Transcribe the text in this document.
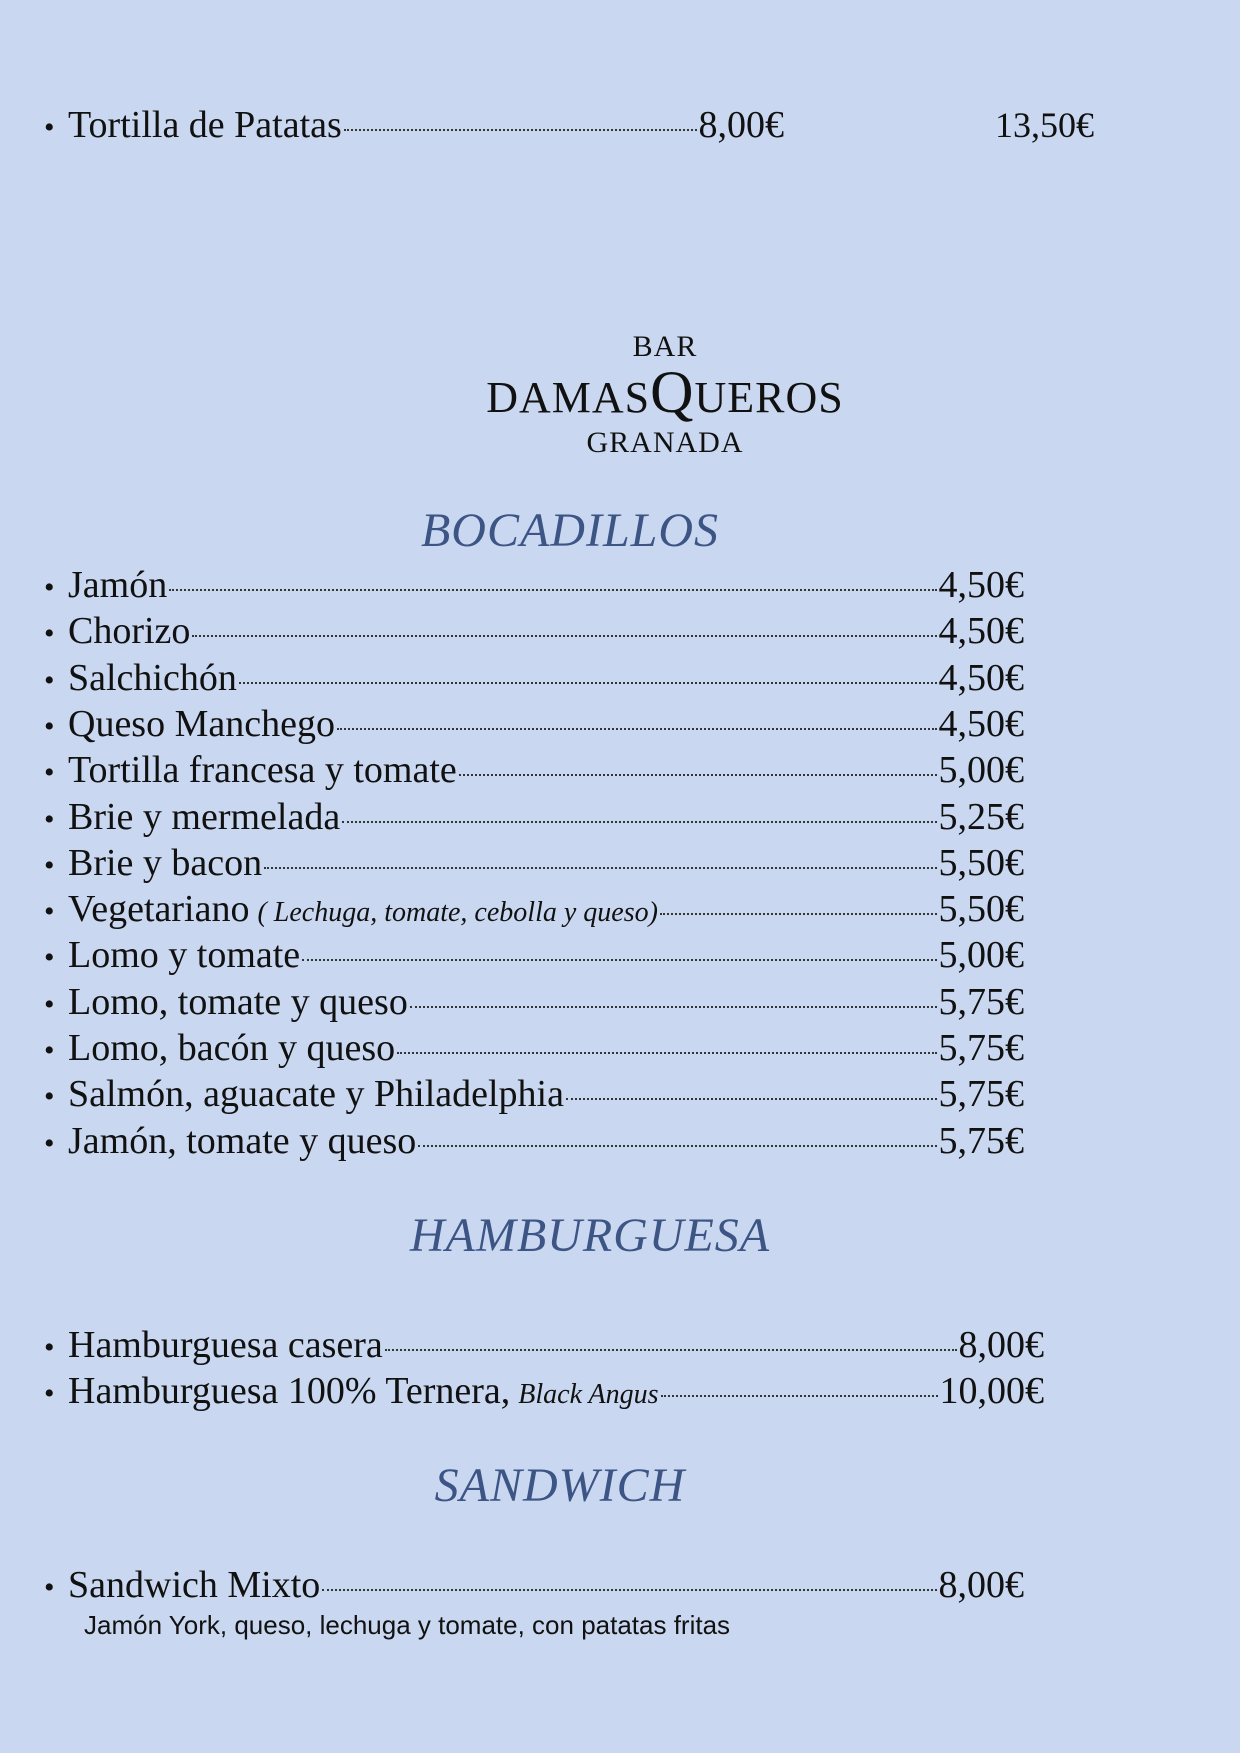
• Tortilla de Patatas	8,00€	13,50€
BAR
DAMASQUEROS
GRANADA
BOCADILLOS
• Jamón	4,50€
• Chorizo	4,50€
• Salchichón	4,50€
• Queso Manchego	4,50€
• Tortilla francesa y tomate	5,00€
• Brie y mermelada	5,25€
• Brie y bacon	5,50€
• Vegetariano ( Lechuga, tomate, cebolla y queso)	5,50€
• Lomo y tomate	5,00€
• Lomo, tomate y queso	5,75€
• Lomo, bacón y queso	5,75€
• Salmón, aguacate y Philadelphia	5,75€
• Jamón, tomate y queso	5,75€
HAMBURGUESA
• Hamburguesa casera	8,00€
• Hamburguesa 100% Ternera, Black Angus	10,00€
SANDWICH
• Sandwich Mixto	8,00€
Jamón York, queso, lechuga y tomate, con patatas fritas
